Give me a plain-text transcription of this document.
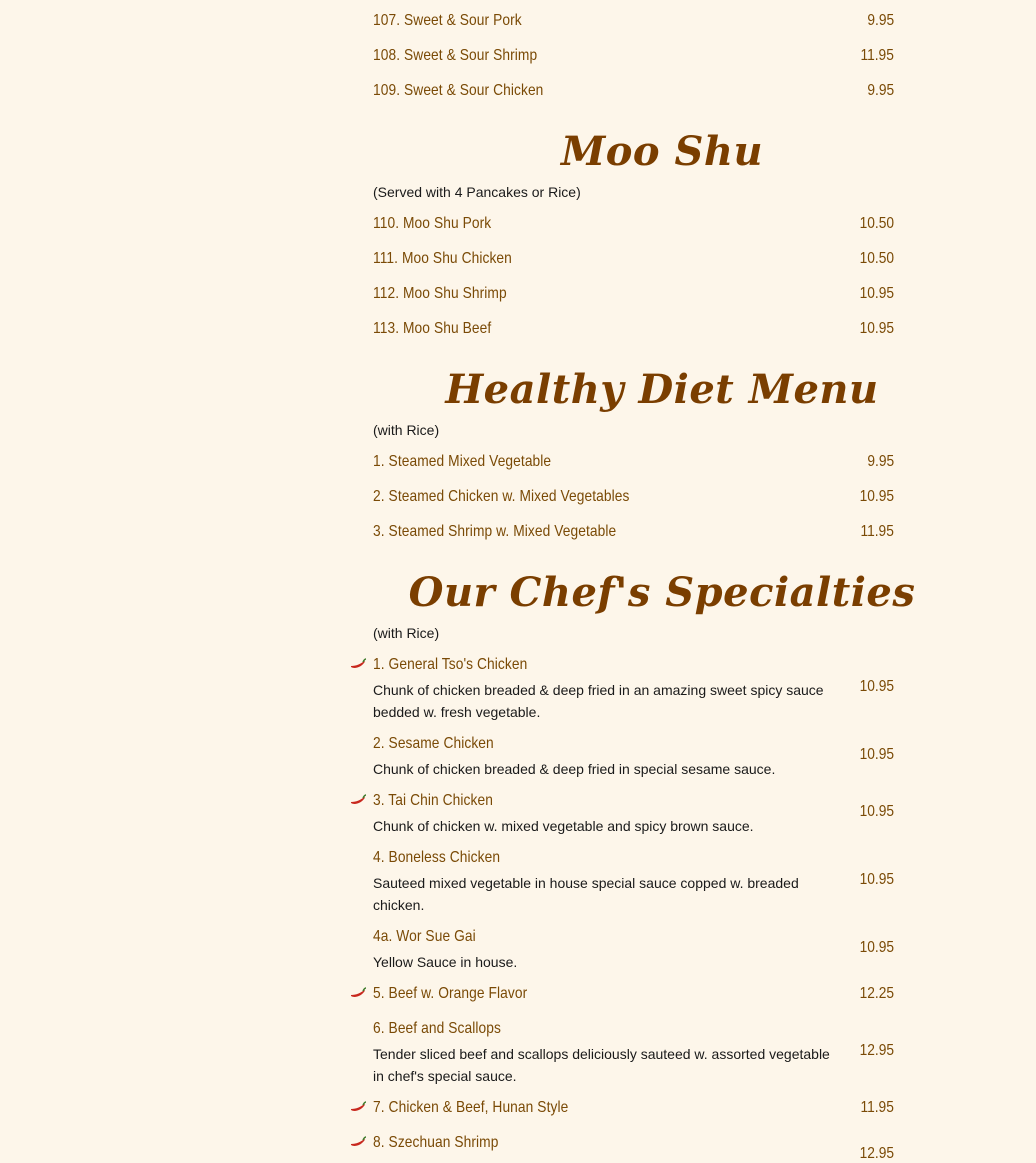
107. Sweet & Sour Pork	9.95
108. Sweet & Sour Shrimp	11.95
109. Sweet & Sour Chicken	9.95
Moo Shu
(Served with 4 Pancakes or Rice)
110. Moo Shu Pork	10.50
111. Moo Shu Chicken	10.50
112. Moo Shu Shrimp	10.95
113. Moo Shu Beef	10.95
Healthy Diet Menu
(with Rice)
1. Steamed Mixed Vegetable	9.95
2. Steamed Chicken w. Mixed Vegetables	10.95
3. Steamed Shrimp w. Mixed Vegetable	11.95
Our Chef's Specialties
(with Rice)
1. General Tso's Chicken
Chunk of chicken breaded & deep fried in an amazing sweet spicy sauce bedded w. fresh vegetable.
10.95
2. Sesame Chicken
Chunk of chicken breaded & deep fried in special sesame sauce.
10.95
3. Tai Chin Chicken
Chunk of chicken w. mixed vegetable and spicy brown sauce.
10.95
4. Boneless Chicken
Sauteed mixed vegetable in house special sauce copped w. breaded chicken.
10.95
4a. Wor Sue Gai
Yellow Sauce in house.
10.95
5. Beef w. Orange Flavor	12.25
6. Beef and Scallops
Tender sliced beef and scallops deliciously sauteed w. assorted vegetable in chef's special sauce.
12.95
7. Chicken & Beef, Hunan Style	11.95
8. Szechuan Shrimp
12.95
